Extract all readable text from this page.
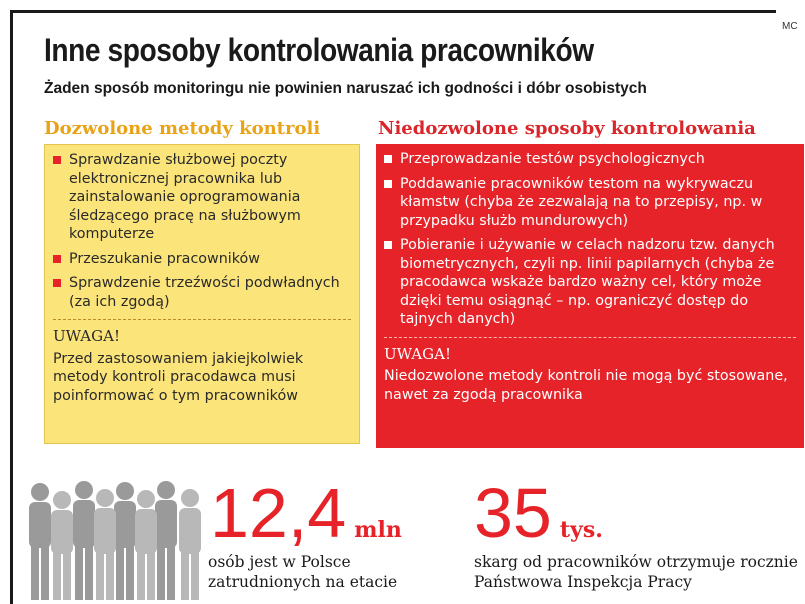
MC
Inne sposoby kontrolowania pracowników

Żaden sposób monitoringu nie powinien naruszać ich godności i dóbr osobistych

Dozwolone metody kontroli	Niedozwolone sposoby kontrolowania
Sprawdzanie służbowej poczty elektronicznej pracownika lub zainstalowanie oprogramowania śledzącego pracę na służbowym komputerze
Przeszukanie pracowników
Sprawdzenie trzeźwości podwładnych (za ich zgodą)

UWAGA!

Przed zastosowaniem jakiejkolwiek metody kontroli pracodawca musi poinformować o tym pracowników

Przeprowadzanie testów psychologicznych
Poddawanie pracowników testom na wykrywaczu kłamstw (chyba że zezwalają na to przepisy, np. w przypadku służb mundurowych)
Pobieranie i używanie w celach nadzoru tzw. danych biometrycznych, czyli np. linii papilarnych (chyba że pracodawca wskaże bardzo ważny cel, który może dzięki temu osiągnąć – np. ograniczyć dostęp do tajnych danych)

UWAGA!

Niedozwolone metody kontroli nie mogą być stosowane, nawet za zgodą pracownika

12,4 mln
osób jest w Polsce zatrudnionych na etacie
35 tys.
skarg od pracowników otrzymuje rocznie Państwowa Inspekcja Pracy
